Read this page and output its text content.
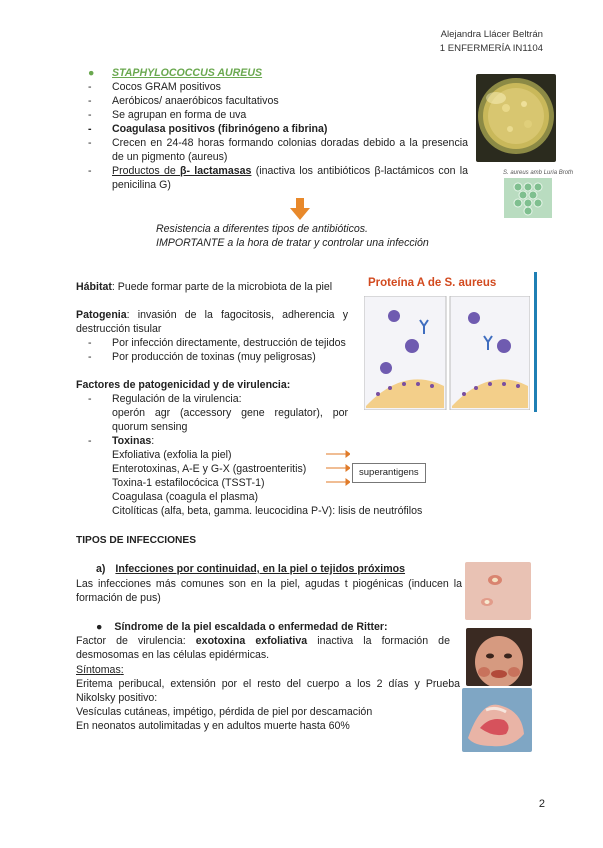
Alejandra Llácer Beltrán
1 ENFERMERÍA IN1104
● STAPHYLOCOCCUS AUREUS
- Cocos GRAM positivos
- Aeróbicos/ anaeróbicos facultativos
- Se agrupan en forma de uva
- Coagulasa positivos (fibrinógeno a fibrina)
- Crecen en 24-48 horas formando colonias doradas debido a la presencia de un pigmento (aureus)
- Productos de β- lactamasas (inactiva los antibióticos β-lactámicos con la penicilina G)
S. aureus amb Luria Broth
Resistencia a diferentes tipos de antibióticos.
IMPORTANTE a la hora de tratar y controlar una infección
Hábitat: Puede formar parte de la microbiota de la piel
Patogenia: invasión de la fagocitosis, adherencia y destrucción tisular
- Por infección directamente, destrucción de tejidos
- Por producción de toxinas (muy peligrosas)
Factores de patogenicidad y de virulencia:
- Regulación de la virulencia:
operón agr (accessory gene regulator), por quorum sensing
- Toxinas:
Exfoliativa (exfolia la piel)
Enterotoxinas, A-E y G-X (gastroenteritis)
Toxina-1 estafilocócica (TSST-1)
Coagulasa (coagula el plasma)
Citolíticas (alfa, beta, gamma. leucocidina P-V): lisis de neutrófilos
superantigens
Proteína A de S. aureus
TIPOS DE INFECCIONES
a) Infecciones por continuidad, en la piel o tejidos próximos
Las infecciones más comunes son en la piel, agudas t piogénicas (inducen la formación de pus)
● Síndrome de la piel escaldada o enfermedad de Ritter:
Factor de virulencia: exotoxina exfoliativa inactiva la formación de desmosomas en las células epidérmicas.
Síntomas:
Eritema peribucal, extensión por el resto del cuerpo a los 2 días y Prueba Nikolsky positivo:
Vesículas cutáneas, impétigo, pérdida de piel por descamación
En neonatos autolimitadas y en adultos muerte hasta 60%
2
